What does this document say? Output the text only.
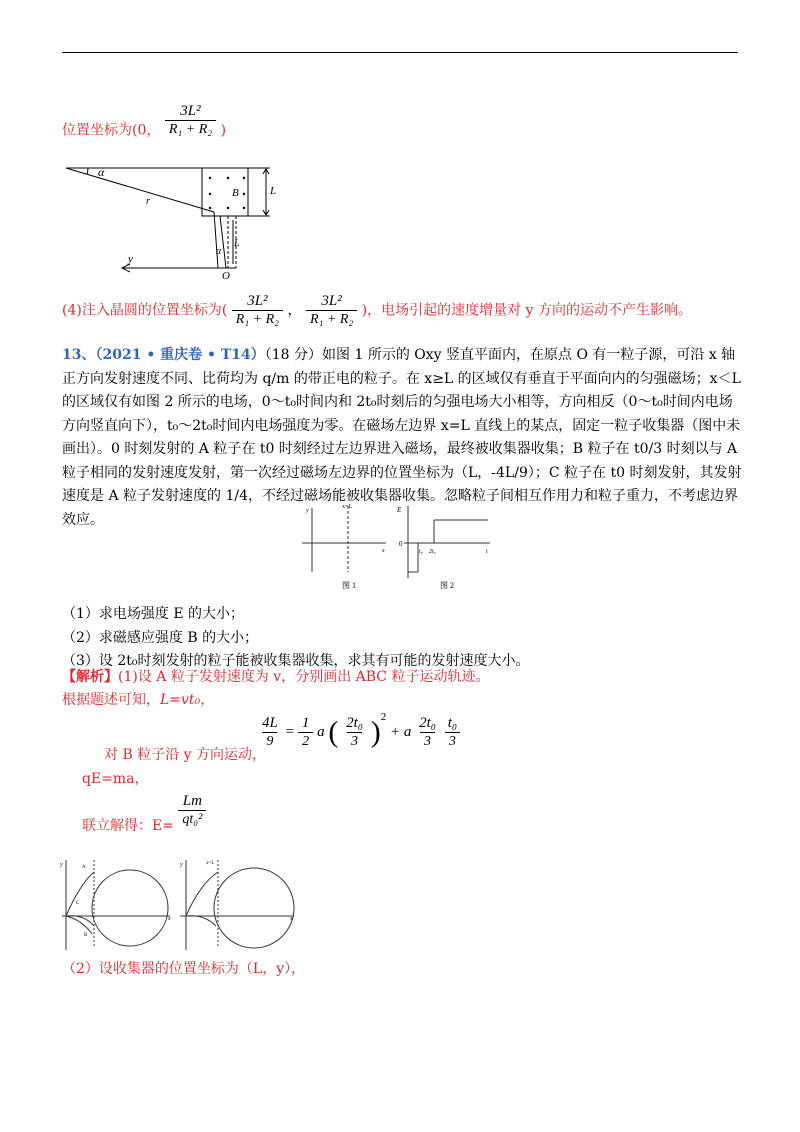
位置坐标为(0， $\frac{\text{3L²}}{\text{R₁ + R₂}}$ )
α
r
B	L
L
α
y
O
(4)注入晶圆的位置坐标为( $\frac{\text{3L²}}{\text{R₁ + R₂}}$ ， $\frac{\text{3L²}}{\text{R₁ + R₂}}$ )，电场引起的速度增量对 y 方向的运动不产生影响。
13、（2021 • 重庆卷 • T14）（18 分）如图 1 所示的 Oxy 竖直平面内，在原点 O 有一粒子源，可沿 x 轴正方向发射速度不同、比荷均为 q/m 的带正电的粒子。在 x≥L 的区域仅有垂直于平面向内的匀强磁场；x＜L 的区域仅有如图 2 所示的电场，0～t₀时间内和 2t₀时刻后的匀强电场大小相等，方向相反（0～t₀时间内电场方向竖直向下），t₀～2t₀时间内电场强度为零。在磁场左边界 x=L 直线上的某点，固定一粒子收集器（图中未画出）。0 时刻发射的 A 粒子在 t0 时刻经过左边界进入磁场，最终被收集器收集；B 粒子在 t0/3 时刻以与 A 粒子相同的发射速度发射，第一次经过磁场左边界的位置坐标为（L，-4L/9）；C 粒子在 t0 时刻发射，其发射速度是 A 粒子发射速度的 1/4，不经过磁场能被收集器收集。忽略粒子间相互作用力和粒子重力，不考虑边界效应。
x=L
y
x
图 1
E
0
t₀ 2t₀	t
图 2
（1）求电场强度 E 的大小；
（2）求磁感应强度 B 的大小；
（3）设 2t₀时刻发射的粒子能被收集器收集，求其有可能的发射速度大小。
【解析】(1)设 A 粒子发射速度为 v，分别画出 ABC 粒子运动轨迹。
根据题述可知，L=vt₀，
$\frac{4L}{9} = \frac{1}{2}$ a ( $\frac{\text{2t₀}}{3} )^2 + a \frac{\text{2t₀}}{3}$
$\frac{\text{t₀}}{3}$
对 B 粒子沿 y 方向运动，
qE=ma，
联立解得：$E= \frac{Lm}{\text{qt₀²}}$
y
x
A
B
C
y
x
x=L
（2）设收集器的位置坐标为（L，y），
